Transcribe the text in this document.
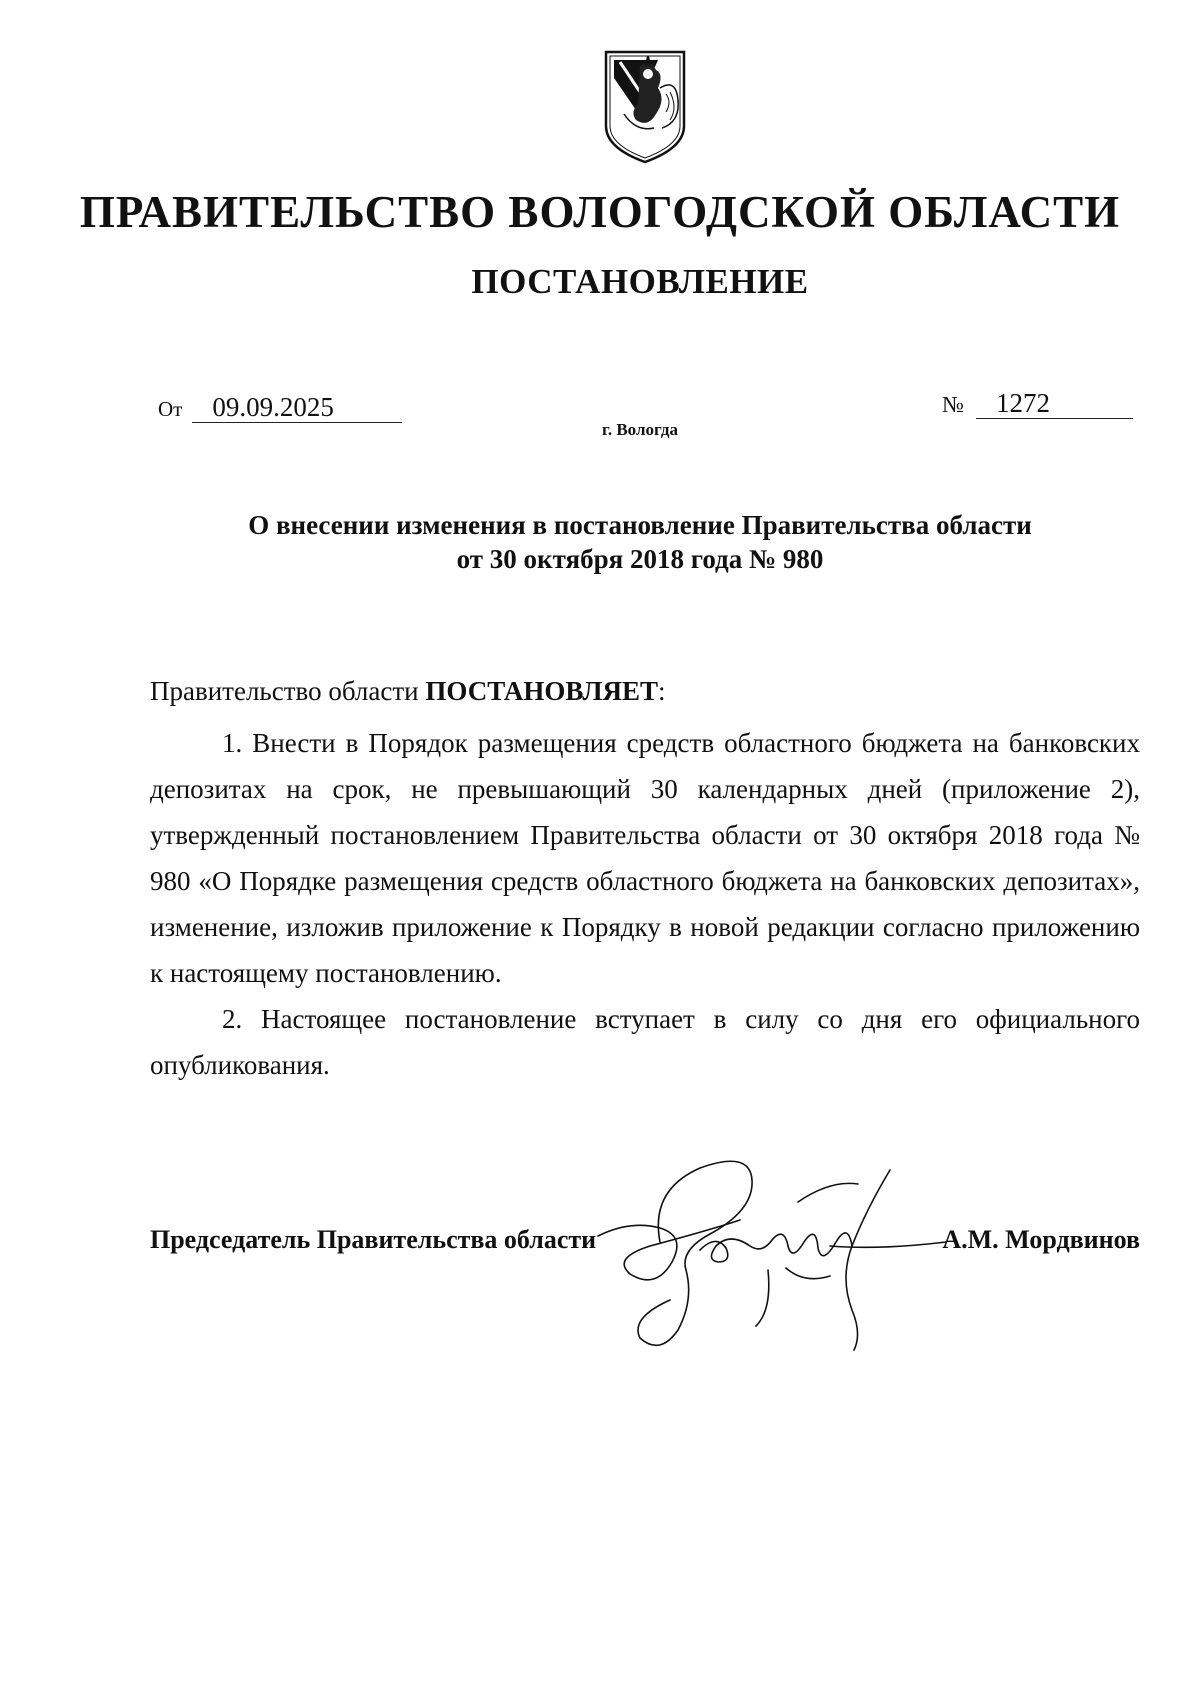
ПРАВИТЕЛЬСТВО ВОЛОГОДСКОЙ ОБЛАСТИ
ПОСТАНОВЛЕНИЕ
От 09.09.2025	№ 1272
г. Вологда
О внесении изменения в постановление Правительства области
от 30 октября 2018 года № 980

Правительство области ПОСТАНОВЛЯЕТ:

1. Внести в Порядок размещения средств областного бюджета на банковских депозитах на срок, не превышающий 30 календарных дней (приложение 2), утвержденный постановлением Правительства области от 30 октября 2018 года № 980 «О Порядке размещения средств областного бюджета на банковских депозитах», изменение, изложив приложение к Порядку в новой редакции согласно приложению к настоящему постановлению.

2. Настоящее постановление вступает в силу со дня его официального опубликования.

Председатель Правительства области	А.М. Мордвинов
